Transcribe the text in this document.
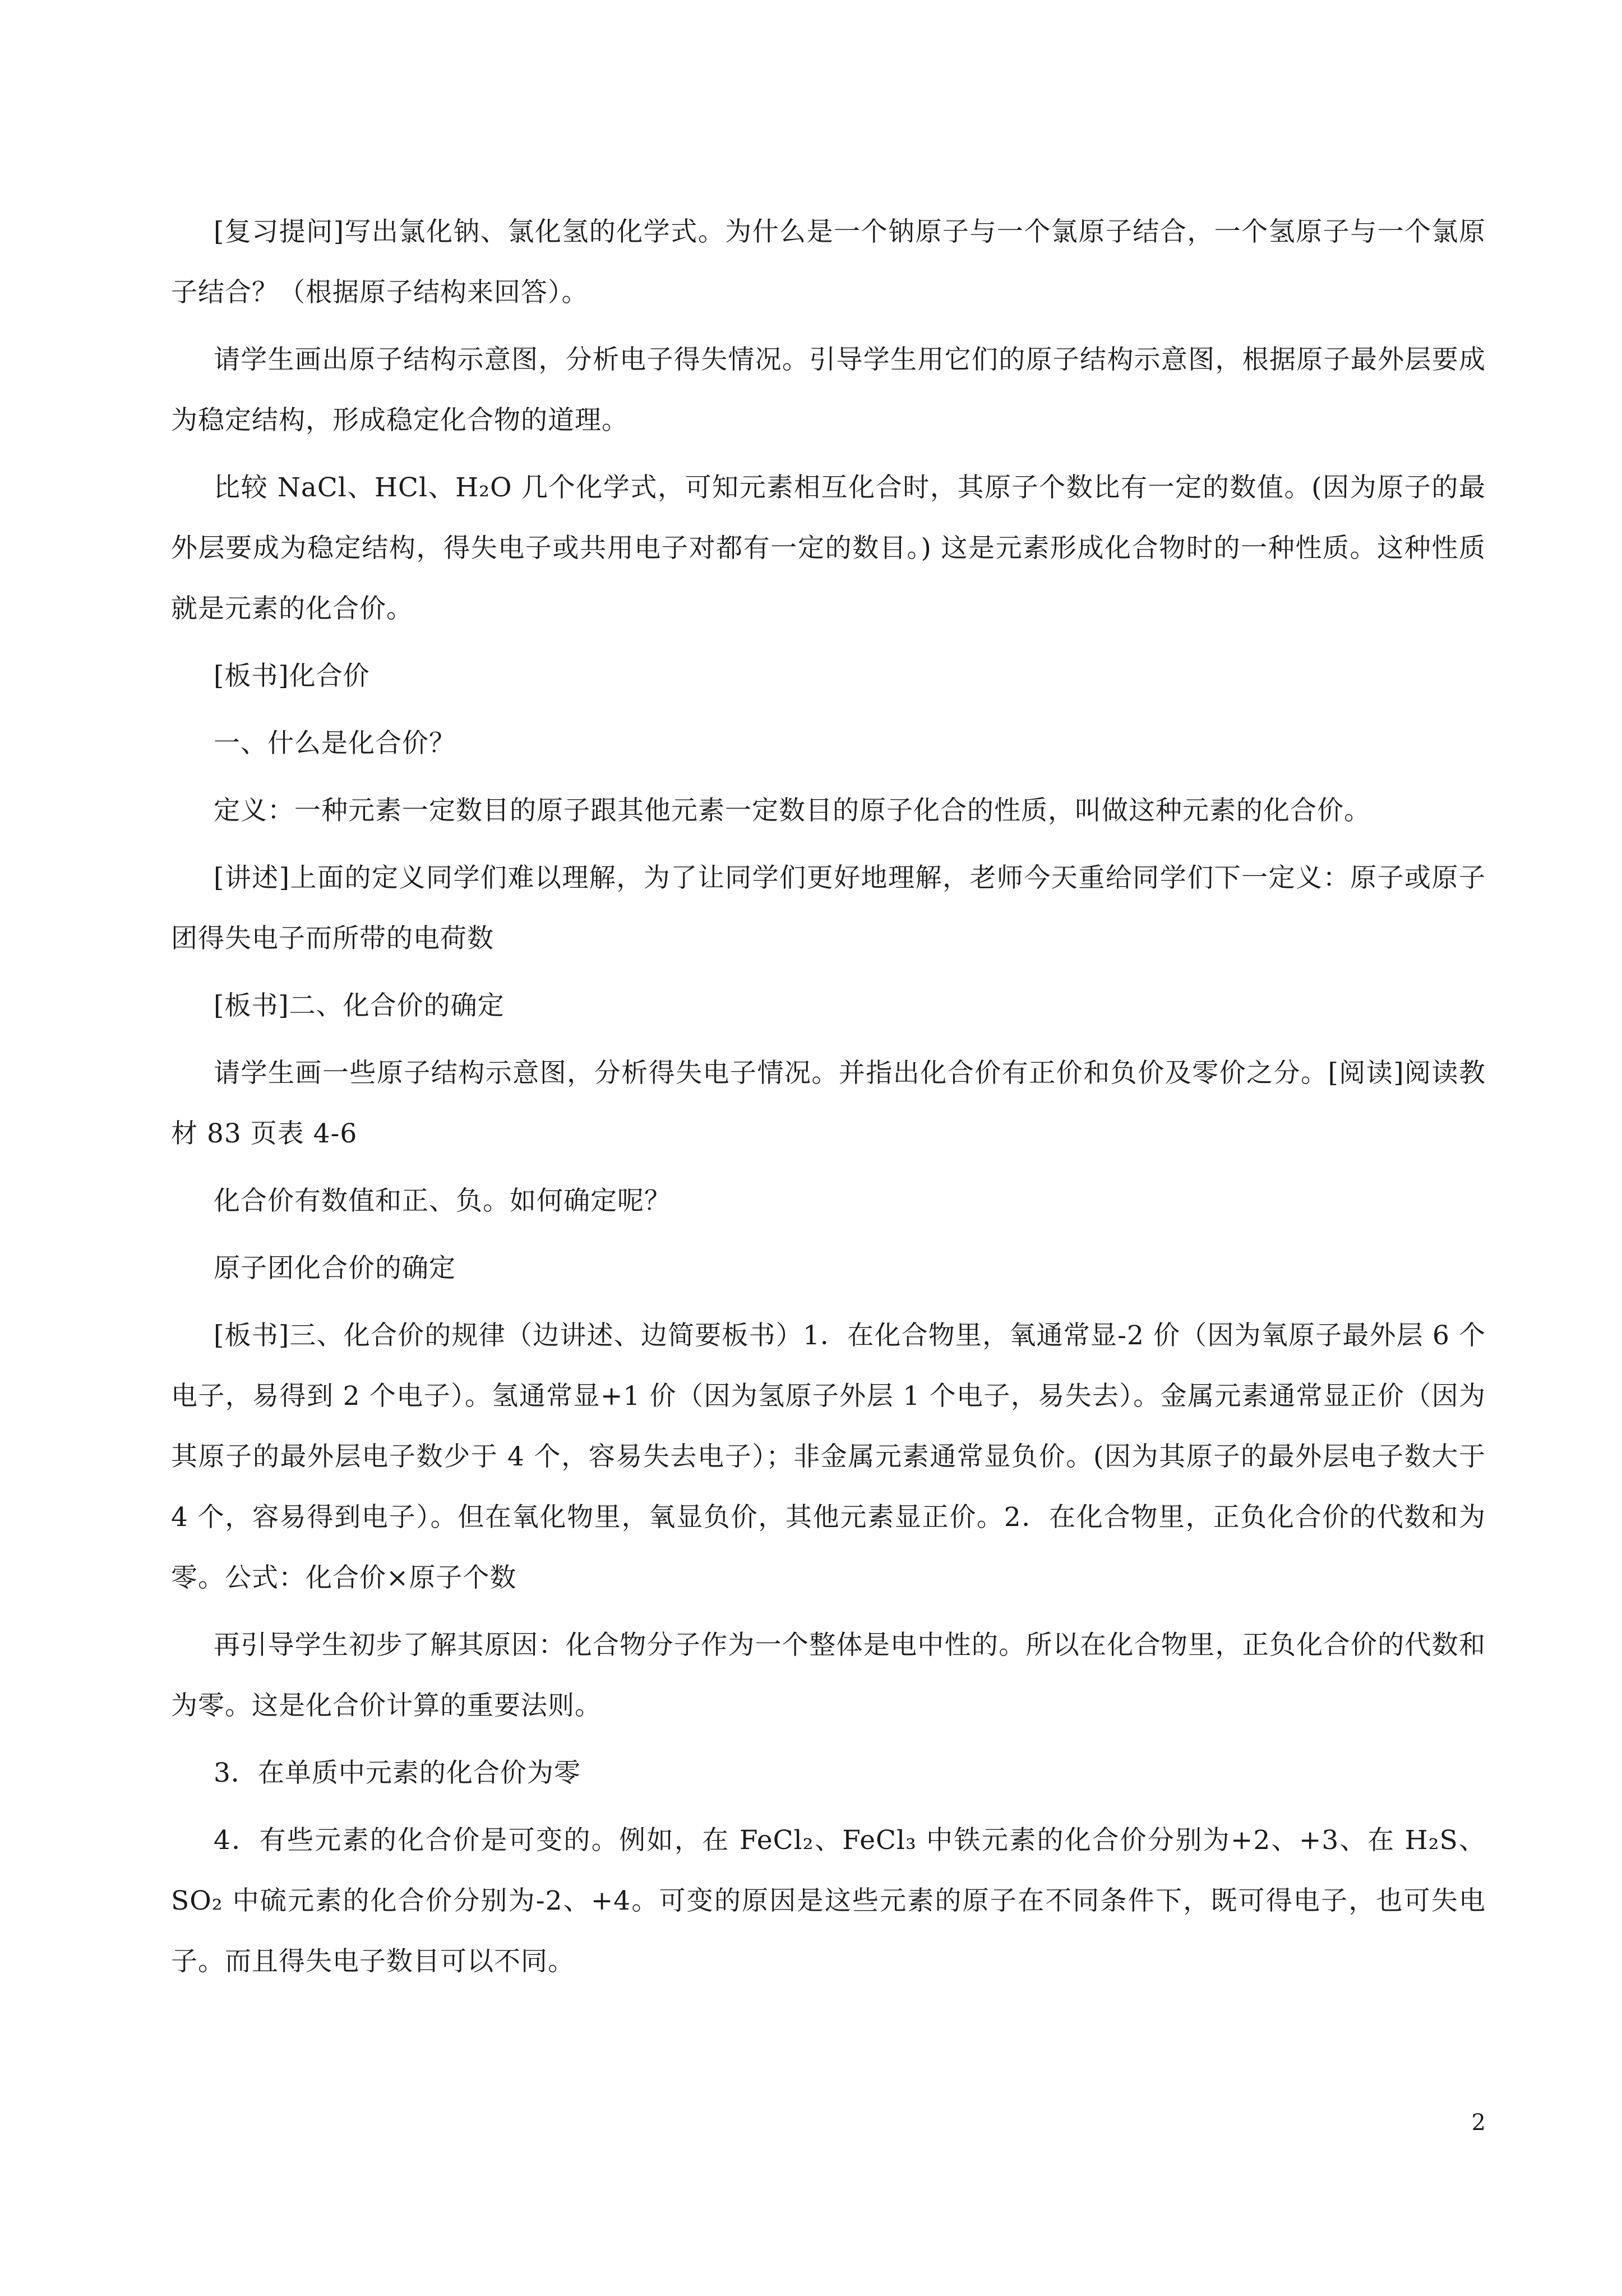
[复习提问]写出氯化钠、氯化氢的化学式。为什么是一个钠原子与一个氯原子结合，一个氢原子与一个氯原子结合？（根据原子结构来回答）。

请学生画出原子结构示意图，分析电子得失情况。引导学生用它们的原子结构示意图，根据原子最外层要成为稳定结构，形成稳定化合物的道理。

比较 NaCl、HCl、H₂O 几个化学式，可知元素相互化合时，其原子个数比有一定的数值。(因为原子的最外层要成为稳定结构，得失电子或共用电子对都有一定的数目。) 这是元素形成化合物时的一种性质。这种性质就是元素的化合价。

[板书]化合价

一、什么是化合价？

定义：一种元素一定数目的原子跟其他元素一定数目的原子化合的性质，叫做这种元素的化合价。

[讲述]上面的定义同学们难以理解，为了让同学们更好地理解，老师今天重给同学们下一定义：原子或原子团得失电子而所带的电荷数

[板书]二、化合价的确定

请学生画一些原子结构示意图，分析得失电子情况。并指出化合价有正价和负价及零价之分。[阅读]阅读教材 83 页表 4-6

化合价有数值和正、负。如何确定呢？

原子团化合价的确定

[板书]三、化合价的规律（边讲述、边简要板书）1．在化合物里，氧通常显-2 价（因为氧原子最外层 6 个电子，易得到 2 个电子）。氢通常显+1 价（因为氢原子外层 1 个电子，易失去）。金属元素通常显正价（因为其原子的最外层电子数少于 4 个，容易失去电子）；非金属元素通常显负价。(因为其原子的最外层电子数大于 4 个，容易得到电子）。但在氧化物里，氧显负价，其他元素显正价。2．在化合物里，正负化合价的代数和为零。公式：化合价×原子个数

再引导学生初步了解其原因：化合物分子作为一个整体是电中性的。所以在化合物里，正负化合价的代数和为零。这是化合价计算的重要法则。

3．在单质中元素的化合价为零

4．有些元素的化合价是可变的。例如，在 FeCl₂、FeCl₃ 中铁元素的化合价分别为+2、+3、在 H₂S、SO₂ 中硫元素的化合价分别为-2、+4。可变的原因是这些元素的原子在不同条件下，既可得电子，也可失电子。而且得失电子数目可以不同。

2
